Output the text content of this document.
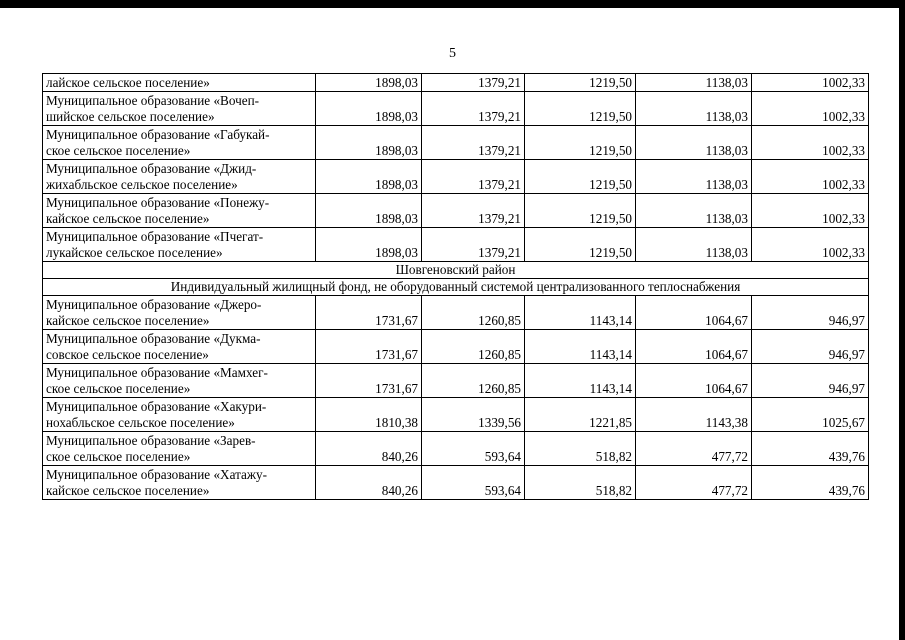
5
лайское сельское поселение»	1898,03	1379,21	1219,50	1138,03	1002,33

Муниципальное образование «Вочеп-
шийское сельское поселение»	1898,03	1379,21	1219,50	1138,03	1002,33

Муниципальное образование «Габукай-
ское сельское поселение»	1898,03	1379,21	1219,50	1138,03	1002,33

Муниципальное образование «Джид-
жихабльское сельское поселение»	1898,03	1379,21	1219,50	1138,03	1002,33

Муниципальное образование «Понежу-
кайское сельское поселение»	1898,03	1379,21	1219,50	1138,03	1002,33

Муниципальное образование «Пчегат-
лукайское сельское поселение»	1898,03	1379,21	1219,50	1138,03	1002,33
Шовгеновский район					
Индивидуальный жилищный фонд, не оборудованный системой централизованного теплоснабжения					

Муниципальное образование «Джеро-
кайское сельское поселение»	1731,67	1260,85	1143,14	1064,67	946,97

Муниципальное образование «Дукма-
совское сельское поселение»	1731,67	1260,85	1143,14	1064,67	946,97

Муниципальное образование «Мамхег-
ское сельское поселение»	1731,67	1260,85	1143,14	1064,67	946,97

Муниципальное образование «Хакури-
нохабльское сельское поселение»	1810,38	1339,56	1221,85	1143,38	1025,67

Муниципальное образование «Зарев-
ское сельское поселение»	840,26	593,64	518,82	477,72	439,76

Муниципальное образование «Хатажу-
кайское сельское поселение»	840,26	593,64	518,82	477,72	439,76
